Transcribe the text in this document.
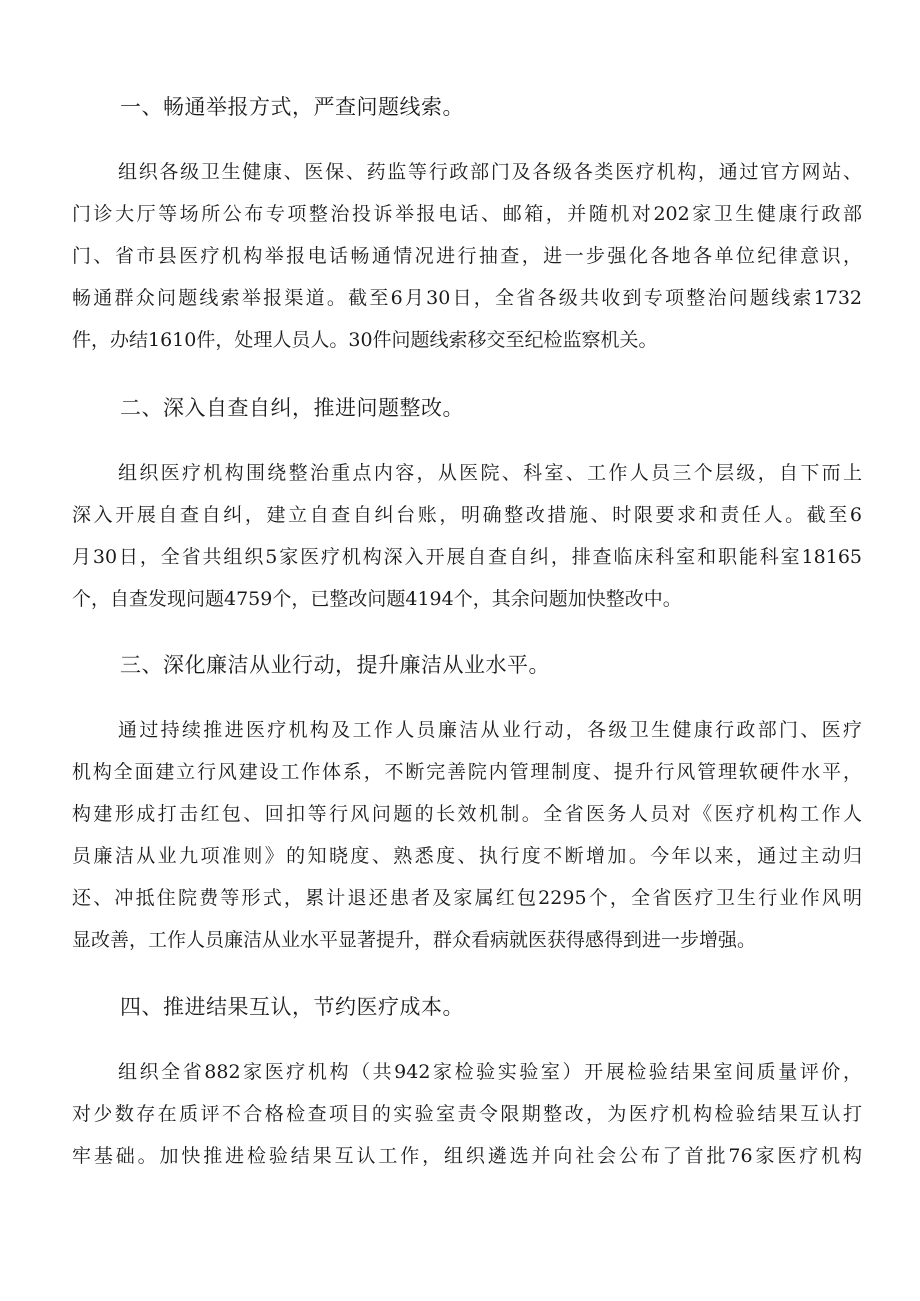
一、畅通举报方式，严查问题线索。
组织各级卫生健康、医保、药监等行政部门及各级各类医疗机构，通过官方网站、
门诊大厅等场所公布专项整治投诉举报电话、邮箱，并随机对202家卫生健康行政部
门、省市县医疗机构举报电话畅通情况进行抽查，进一步强化各地各单位纪律意识，
畅通群众问题线索举报渠道。截至6月30日，全省各级共收到专项整治问题线索1732
件，办结1610件，处理人员人。30件问题线索移交至纪检监察机关。
二、深入自查自纠，推进问题整改。
组织医疗机构围绕整治重点内容，从医院、科室、工作人员三个层级，自下而上
深入开展自查自纠，建立自查自纠台账，明确整改措施、时限要求和责任人。截至6
月30日，全省共组织5家医疗机构深入开展自查自纠，排查临床科室和职能科室18165
个，自查发现问题4759个，已整改问题4194个，其余问题加快整改中。
三、深化廉洁从业行动，提升廉洁从业水平。
通过持续推进医疗机构及工作人员廉洁从业行动，各级卫生健康行政部门、医疗
机构全面建立行风建设工作体系，不断完善院内管理制度、提升行风管理软硬件水平，
构建形成打击红包、回扣等行风问题的长效机制。全省医务人员对《医疗机构工作人
员廉洁从业九项准则》的知晓度、熟悉度、执行度不断增加。今年以来，通过主动归
还、冲抵住院费等形式，累计退还患者及家属红包2295个，全省医疗卫生行业作风明
显改善，工作人员廉洁从业水平显著提升，群众看病就医获得感得到进一步增强。
四、推进结果互认，节约医疗成本。
组织全省882家医疗机构（共942家检验实验室）开展检验结果室间质量评价，
对少数存在质评不合格检查项目的实验室责令限期整改，为医疗机构检验结果互认打
牢基础。加快推进检验结果互认工作，组织遴选并向社会公布了首批76家医疗机构
